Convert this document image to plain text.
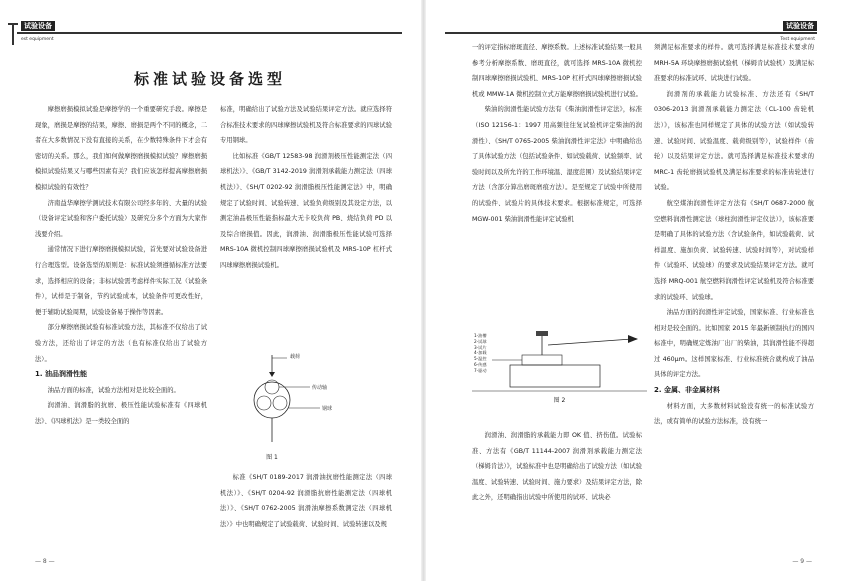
试验设备
est equipment
标准试验设备选型

摩擦磨损模拟试验是摩擦学的一个重要研究手段。摩擦是现象，磨损是摩擦的结果，摩擦、磨损是两个不同的概念，二者在大多数情况下没有直接的关系，在少数特殊条件下才会有密切的关系。那么，我们如何做摩擦磨损模拟试验？摩擦磨损模拟试验结果又与哪些因素有关？我们应该怎样提高摩擦磨损模拟试验的有效性？

济南益华摩擦学测试技术有限公司经多年的、大量的试验（设备评定试验和客户委托试验）及研究分多个方面为大家作浅要介绍。

通常情况下进行摩擦磨损模拟试验，首先要对试验设备进行合理选型。设备选型的原则是：标准试验须遵循标准方法要求，选择相应的设备；非标试验需考虑样件实际工况（试验条件），试样是于制备，节约试验成本，试验条件可更改性好，便于辅助试验周期，试验设备易于操作等因素。

部分摩擦磨损试验有标准试验方法，其标准不仅给出了试验方法，还给出了评定的方法（也有标准仅给出了试验方法）。

1. 油品润滑性能

油品方面的标准，试验方法相对是比较全面的。

润滑油、润滑脂的抗磨、极压性能试验标准有《四球机法》、《四球机法》是一类较全面的

标准，明确给出了试验方法及试验结果评定方法。就应选择符合标准技术要求的四球摩擦试验机及符合标准要求的四球试验专用钢球。

比如标准《GB/T 12583-98 润滑剂极压性能测定法（四球机法）》、《GB/T 3142-2019 润滑剂承载能力测定法（四球机法）》、《SH/T 0202-92 润滑脂极压性能测定法》中，明确规定了试验时间、试验转速、试验负荷级别及其设定方法，以测定油品极压性能指标最大无卡咬负荷 PB、烧结负荷 PD 以及综合磨损值。因此，润滑油、润滑脂极压性能试验可选择 MRS-10A 微机控制四球摩擦磨损试验机及 MRS-10P 杠杆式四球摩擦磨损试验机。

载荷
传动轴
钢球
图 1

标准《SH/T 0189-2017 润滑油抗磨性能测定法（四球机法）》、《SH/T 0204-92 润滑脂抗磨性能测定法（四球机法）》、《SH/T 0762-2005 润滑油摩擦系数测定法（四球机法）》中也明确规定了试验载荷、试验时间、试验转速以及规

— 8 —
试验设备
Test equipment

一的评定指标磨斑直径、摩擦系数。上述标准试验结果一般具参考分析摩擦系数、磨斑直径，就可选择 MRS-10A 微机控制四球摩擦磨损试验机、MRS-10P 杠杆式四球摩擦磨损试验机或 MMW-1A 微机控制立式万能摩擦磨损试验机进行试验。

柴油的润滑性能试验方法有《柴油润滑性评定法》，标准（ISO 12156-1：1997 用高频往往复试验机评定柴油的润滑性）、《SH/T 0765-2005 柴油润滑性评定法》中明确给出了具体试验方法（包括试验条件、如试验载荷、试验频率、试验时间以及所允许的工作环境温、湿度范围）及试验结果评定方法（含部分算出磨斑磨痕方法）。是至规定了试验中所使用的试验件、试验片的具体技术要求。根据标准规定，可选择 MGW-001 柴油润滑性能评定试验机

1-油槽
2-试球
3-试片
4-加载
5-温控
6-传感
7-驱动
图 2

润滑油、润滑脂的承载能力即 OK 值、挤伤值。试验标准、方法有《GB/T 11144-2007 润滑剂承载能力测定法（梯姆肯法）》，试验标准中也是明确给出了试验方法（如试验温度、试验转速、试验时间、施力要求）及结果评定方法，除此之外，还明确指出试验中所使用的试环、试块必

须满足标准要求的样件。就可选择满足标准技术要求的 MRH-5A 环块摩擦磨损试验机（梯姆肯试验机）及满足标准要求的标准试环、试块进行试验。

润滑剂的承载能力试验标准、方法还有《SH/T 0306-2013 润滑剂承载能力测定法（CL-100 齿轮机法）》，该标准也同样规定了具体的试验方法（如试验转速、试验时间、试验温度、载荷级别等），试验样件（齿轮）以及结果评定方法。就可选择满足标准技术要求的 MRC-1 齿轮磨损试验机及满足标准要求的标准齿轮进行试验。

航空煤油润滑性评定方法有《SH/T 0687-2000 航空燃料润滑性测定法（球柱润滑性评定仪法）》，该标准要是明确了具体的试验方法（含试验条件，如试验载荷、试样温度、施加负荷、试验转速、试验时间等），对试验样件（试验环、试验球）的要求及试验结果评定方法。就可选择 MRQ-001 航空燃料润滑性评定试验机及符合标准要求的试验环、试验球。

油品方面的润滑性评定试验，国家标准、行业标准也相对是较全面的。比如国家 2015 年最新颁制执行的国四标准中，明确规定炼油厂出厂的柴油，其润滑性能不得超过 460μm。这样国家标准、行业标准统合就构成了油品具体的评定方法。

2. 金属、非金属材料

材料方面，大多数材料试验没有统一的标准试验方法，或有简单的试验方法标准，没有统一

— 9 —
